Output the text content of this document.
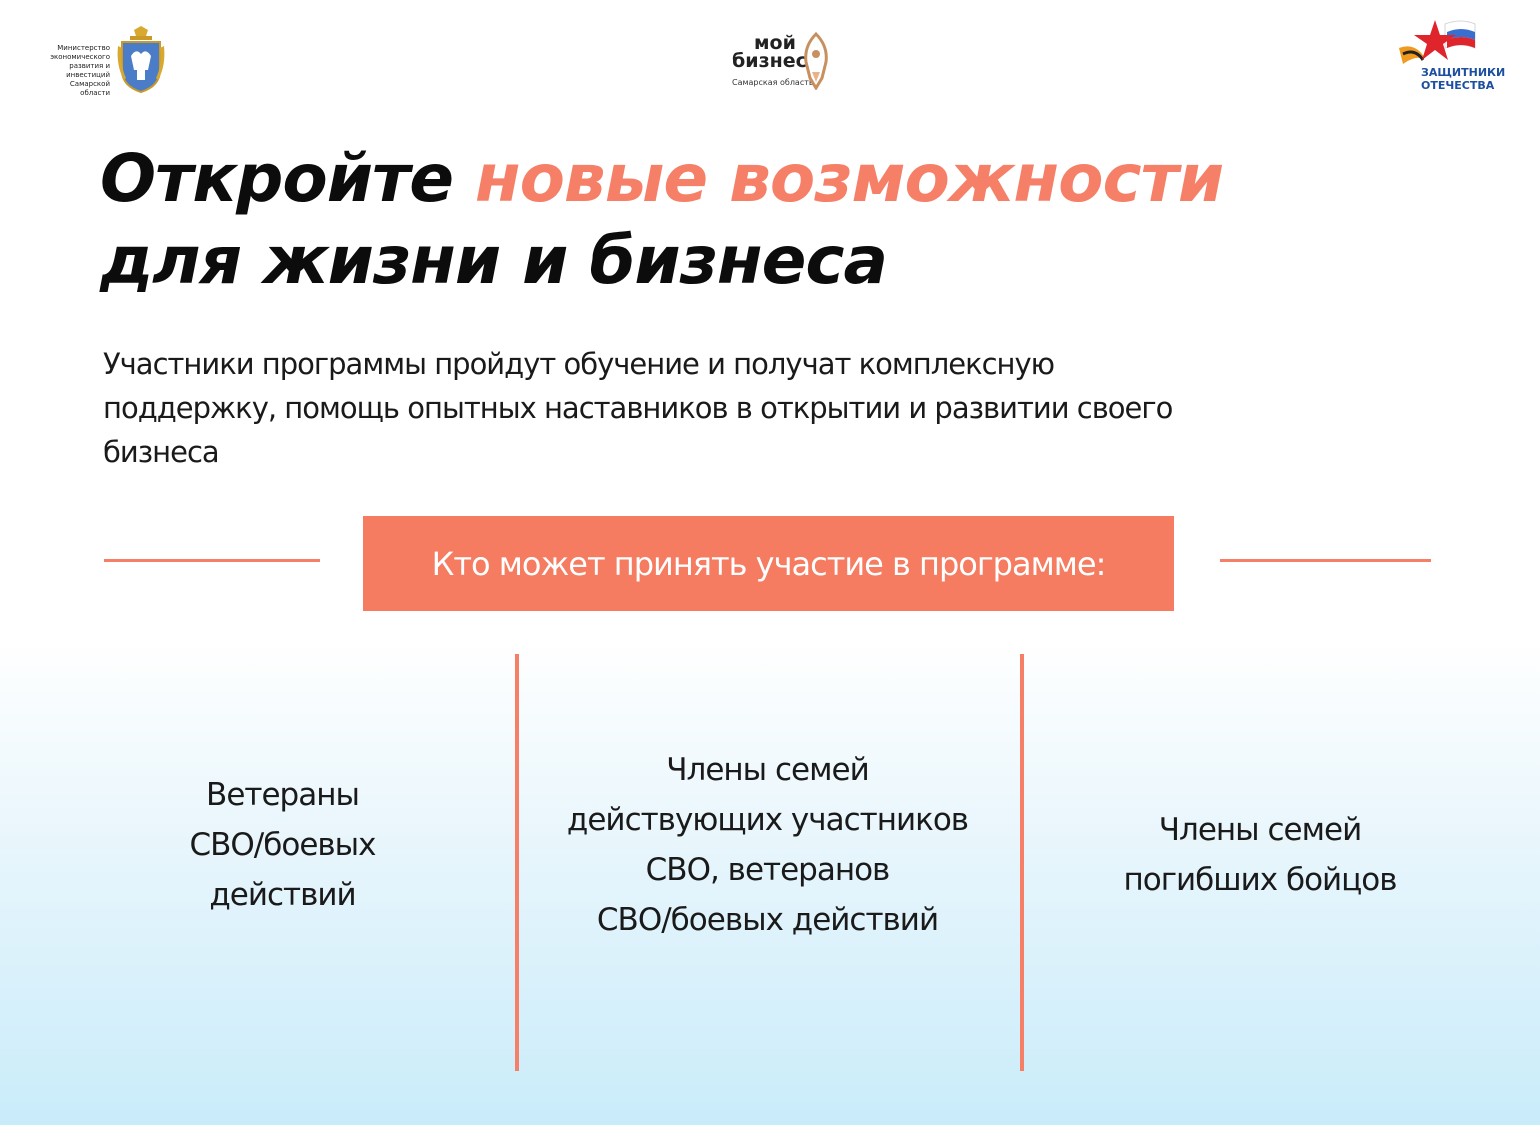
Министерство
экономического
развития и инвестиций
Самарской области
мой
бизнес
Самарская область
ЗАЩИТНИКИ
ОТЕЧЕСТВА
Откройте новые возможности
для жизни и бизнеса

Участники программы пройдут обучение и получат комплексную поддержку, помощь опытных наставников в открытии и развитии своего бизнеса

Кто может принять участие в программе:
Ветераны
СВО/боевых
действий
Члены семей
действующих участников
СВО, ветеранов
СВО/боевых действий
Члены семей
погибших бойцов
